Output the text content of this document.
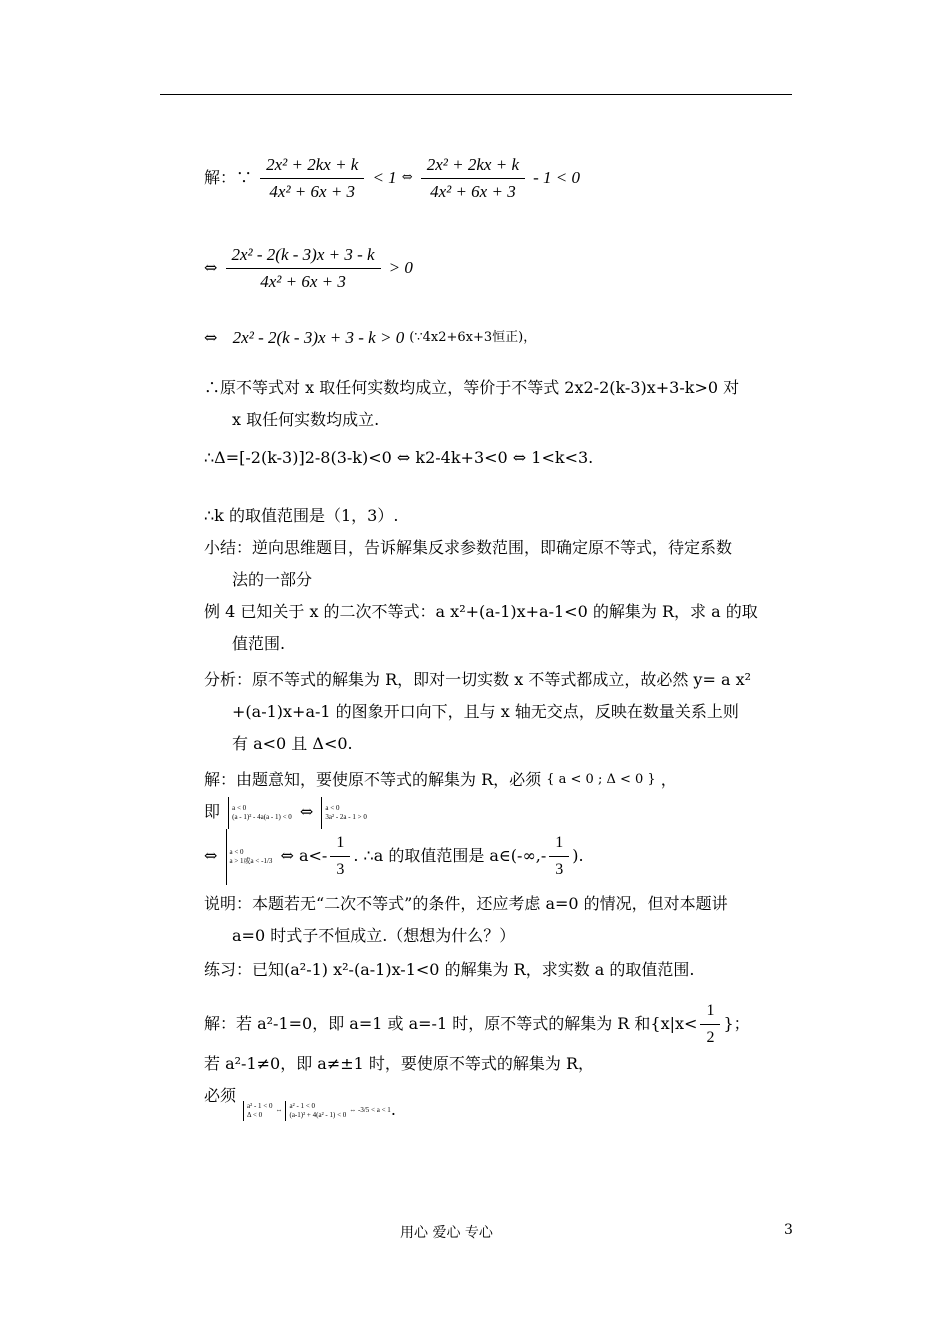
解：∵ $\frac{\text{2x² + 2kx + k}}{\text{4x² + 6x + 3}} < 1$ $^\Leftrightarrow \frac{\text{2x² + 2kx + k}}{\text{4x² + 6x + 3}} - 1 < 0$
⇔ $\frac{\text{2x² - 2(k - 3)x + 3 - k}}{\text{4x² + 6x + 3}} > 0$
⇔ 2x² - 2(k - 3)x + 3 - k > 0 $^{(\because 4x2+6x+3恒正),}$
∴原不等式对 x 取任何实数均成立，等价于不等式 2x2-2(k-3)x+3-k>0 对
x 取任何实数均成立.
∴Δ=[-2(k-3)]2-8(3-k)<0 ⇔ k2-4k+3<0 ⇔ 1<k<3.
∴k 的取值范围是（1，3）.
小结：逆向思维题目，告诉解集反求参数范围，即确定原不等式，待定系数
法的一部分
例 4 已知关于 x 的二次不等式：a x²+(a-1)x+a-1<0 的解集为 R，求 a 的取
值范围.
分析：原不等式的解集为 R，即对一切实数 x 不等式都成立，故必然 y= a x²
+(a-1)x+a-1 的图象开口向下，且与 x 轴无交点，反映在数量关系上则
有 a<0 且 Δ<0.
解：由题意知，要使原不等式的解集为 R，必须 $^{\{ a < 0 ; \Delta < 0 \}}$ ，
即 a < 0
(a - 1)² - 4a(a - 1) < 0 ⇔ a < 0
3a² - 2a - 1 > 0
⇔ a < 0
a > 1或a < -1/3 ⇔ $a<- \frac{1}{3}$ . ∴a 的取值范围是 a∈(-∞,- $\frac{1}{3}$ ).
说明：本题若无“二次不等式”的条件，还应考虑 a=0 的情况，但对本题讲
a=0 时式子不恒成立.（想想为什么？）
练习：已知(a²-1) x²-(a-1)x-1<0 的解集为 R，求实数 a 的取值范围.
解：若 a²-1=0，即 a=1 或 a=-1 时，原不等式的解集为 R 和{$x|x< \frac{1}{2}$ }；
若 a²-1≠0，即 a≠±1 时，要使原不等式的解集为 R，
必须
a² - 1 < 0
Δ < 0⇔ a² - 1 < 0
(a-1)² + 4(a² - 1) < 0⇔ -3/5 < a < 1.
用心 爱心 专心	3
